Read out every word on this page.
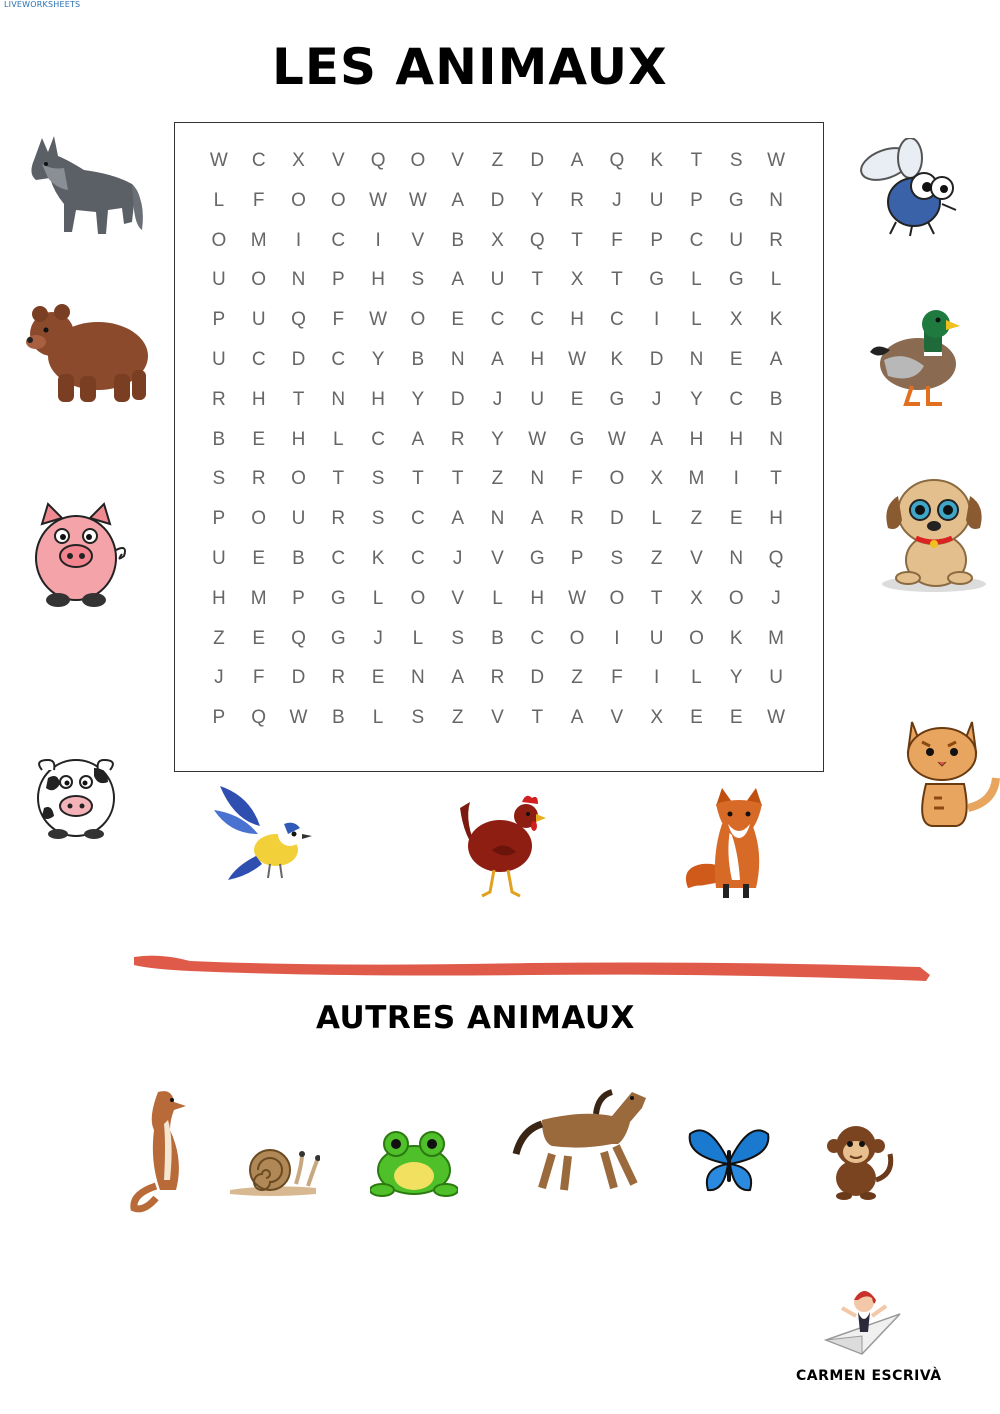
LIVEWORKSHEETS
LES ANIMAUX
W	C	X	V	Q	O	V	Z	D	A	Q	K	T	S	W
L	F	O	O	W	W	A	D	Y	R	J	U	P	G	N
O	M	I	C	I	V	B	X	Q	T	F	P	C	U	R
U	O	N	P	H	S	A	U	T	X	T	G	L	G	L
P	U	Q	F	W	O	E	C	C	H	C	I	L	X	K
U	C	D	C	Y	B	N	A	H	W	K	D	N	E	A
R	H	T	N	H	Y	D	J	U	E	G	J	Y	C	B
B	E	H	L	C	A	R	Y	W	G	W	A	H	H	N
S	R	O	T	S	T	T	Z	N	F	O	X	M	I	T
P	O	U	R	S	C	A	N	A	R	D	L	Z	E	H
U	E	B	C	K	C	J	V	G	P	S	Z	V	N	Q
H	M	P	G	L	O	V	L	H	W	O	T	X	O	J
Z	E	Q	G	J	L	S	B	C	O	I	U	O	K	M
J	F	D	R	E	N	A	R	D	Z	F	I	L	Y	U
P	Q	W	B	L	S	Z	V	T	A	V	X	E	E	W
AUTRES ANIMAUX
CARMEN ESCRIVÀ
